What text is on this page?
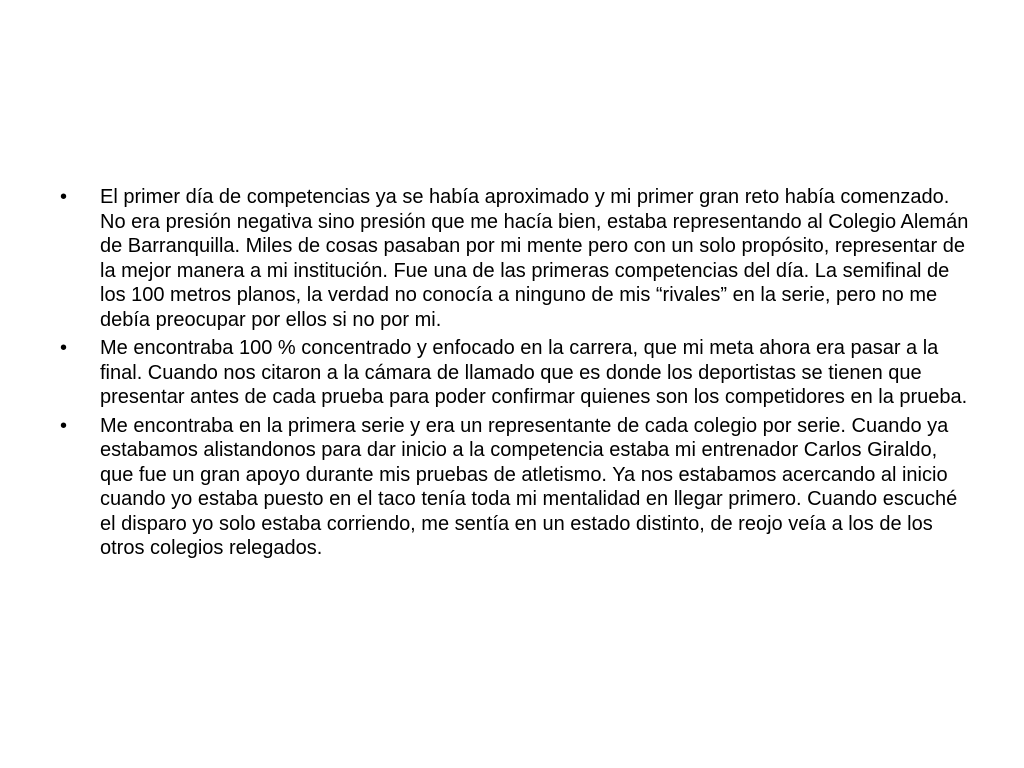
•	El primer día de competencias ya se había aproximado y mi primer gran reto había comenzado. No era presión negativa sino presión que me hacía bien, estaba representando al Colegio Alemán de Barranquilla. Miles de cosas pasaban por mi mente pero con un solo propósito, representar de la mejor manera a mi institución. Fue una de las primeras competencias del día. La semifinal de los 100 metros planos, la verdad no conocía a ninguno de mis “rivales” en la serie, pero no me debía preocupar por ellos si no por mi.
•	Me encontraba 100 % concentrado y enfocado en la carrera, que mi meta ahora era pasar a la final. Cuando nos citaron a la cámara de llamado que es donde los deportistas se tienen que presentar antes de cada prueba para poder confirmar quienes son los competidores en la prueba.
•	Me encontraba en la primera serie y era un representante de cada colegio por serie. Cuando ya estabamos alistandonos para dar inicio a la competencia estaba mi entrenador Carlos Giraldo, que fue un gran apoyo durante mis pruebas de atletismo. Ya nos estabamos acercando al inicio cuando yo estaba puesto en el taco tenía toda mi mentalidad en llegar primero. Cuando escuché el disparo yo solo estaba corriendo, me sentía en un estado distinto, de reojo veía a los de los otros colegios relegados.
